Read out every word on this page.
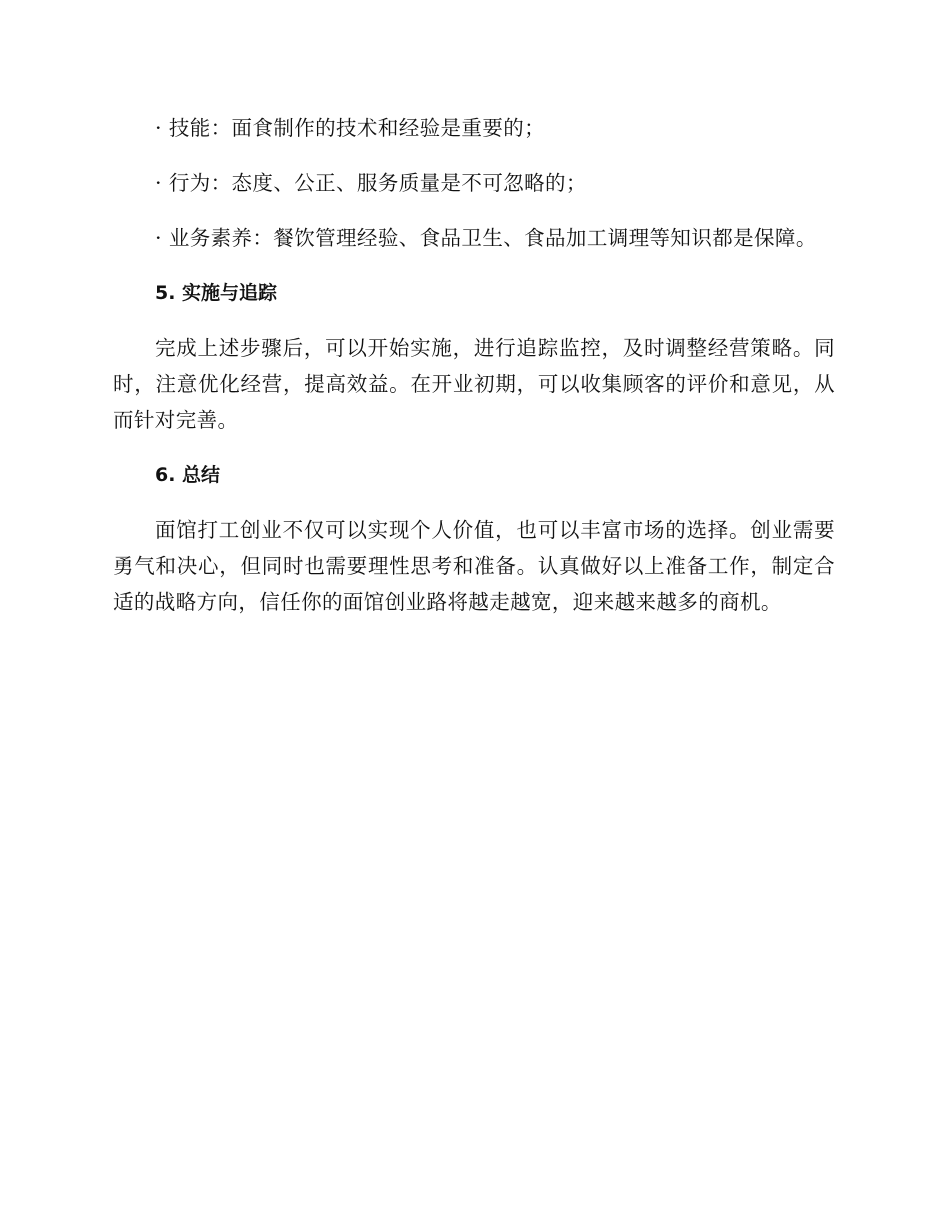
· 技能：面食制作的技术和经验是重要的；

· 行为：态度、公正、服务质量是不可忽略的；

· 业务素养：餐饮管理经验、食品卫生、食品加工调理等知识都是保障。

5. 实施与追踪

完成上述步骤后，可以开始实施，进行追踪监控，及时调整经营策略。同时，注意优化经营，提高效益。在开业初期，可以收集顾客的评价和意见，从而针对完善。

6. 总结

面馆打工创业不仅可以实现个人价值，也可以丰富市场的选择。创业需要勇气和决心，但同时也需要理性思考和准备。认真做好以上准备工作，制定合适的战略方向，信任你的面馆创业路将越走越宽，迎来越来越多的商机。
